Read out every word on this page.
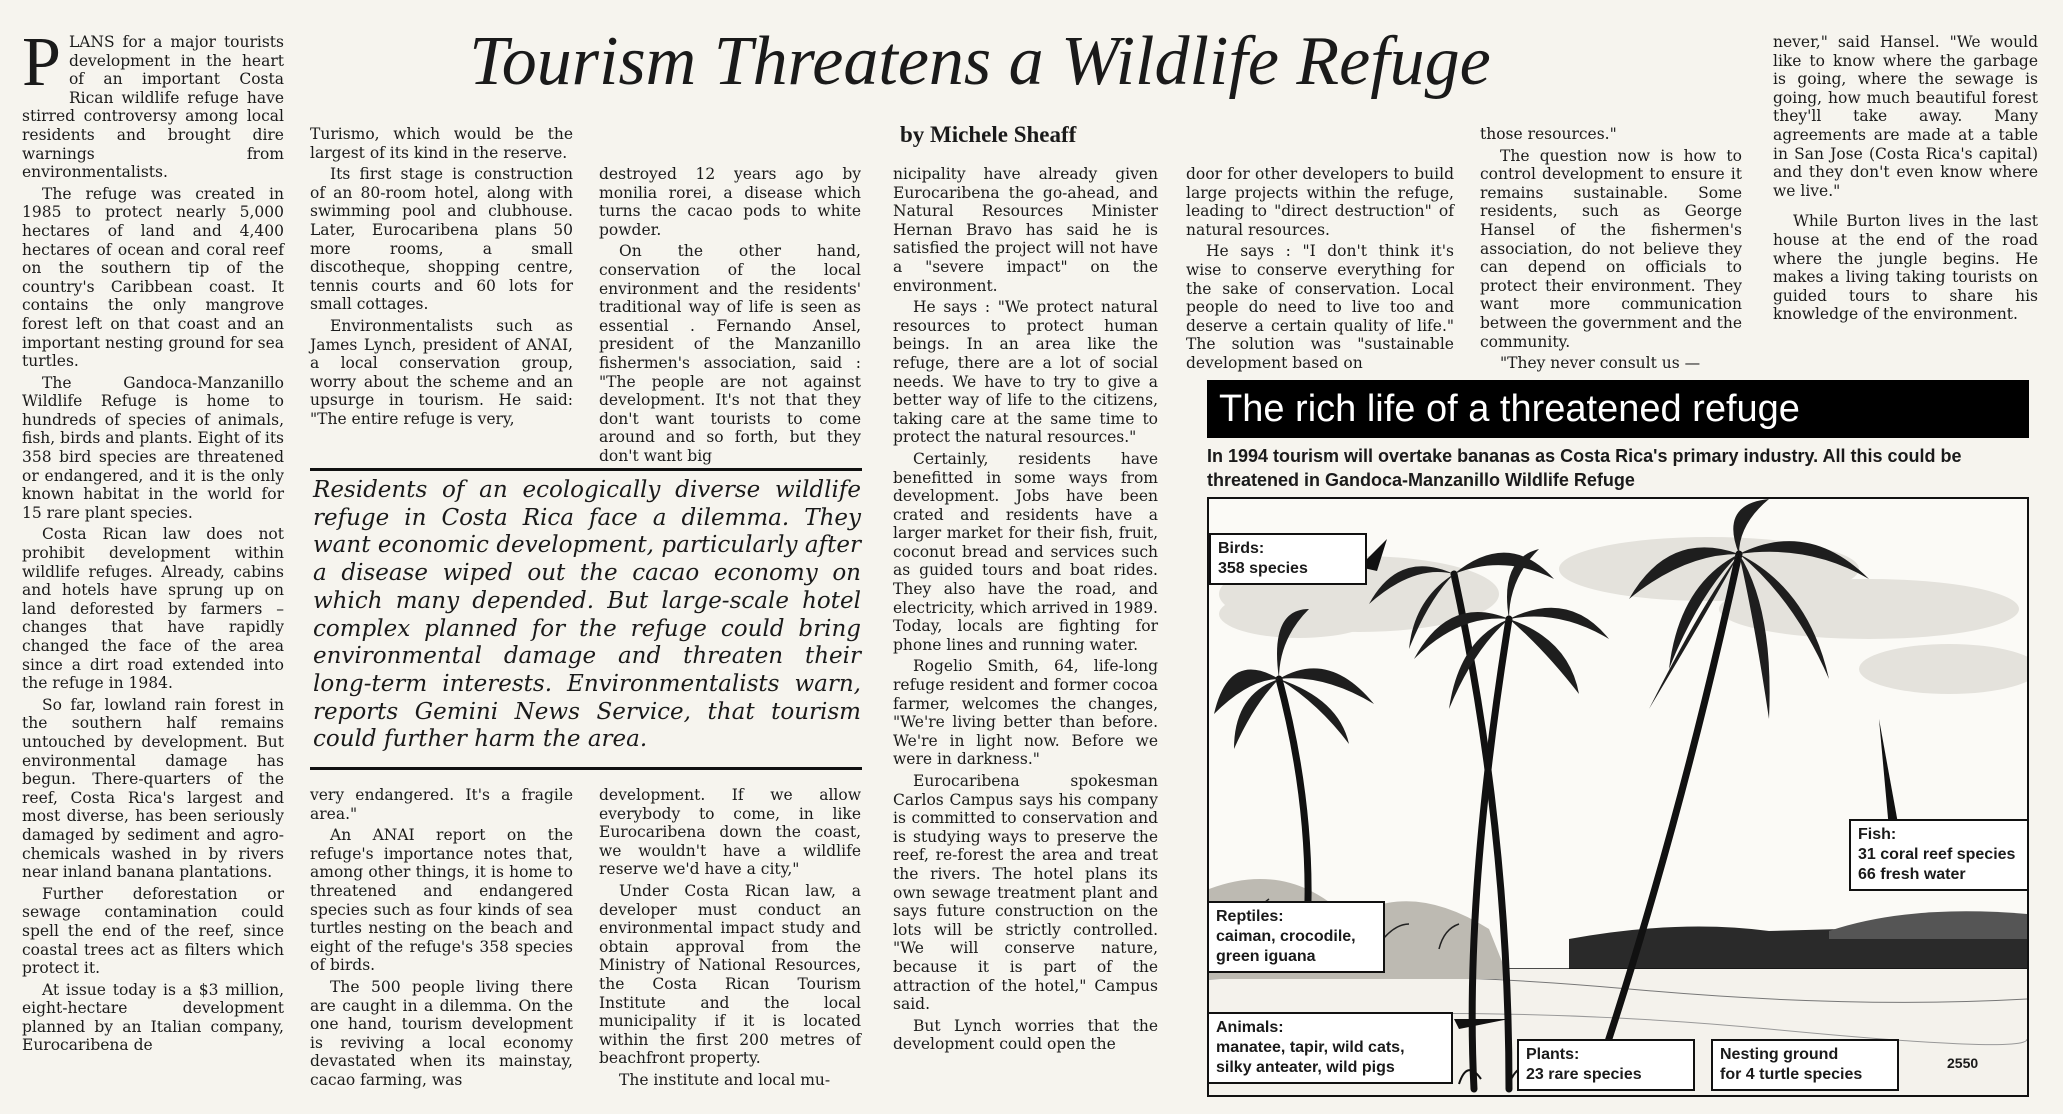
Tourism Threatens a Wildlife Refuge
by Michele Sheaff
P LANS for a major tourists development in the heart of an important Costa Rican wildlife refuge have stirred controversy among local residents and brought dire warnings from environmentalists.

The refuge was created in 1985 to protect nearly 5,000 hectares of land and 4,400 hectares of ocean and coral reef on the southern tip of the country's Caribbean coast. It contains the only mangrove forest left on that coast and an important nesting ground for sea turtles.

The Gandoca-Manzanillo Wildlife Refuge is home to hundreds of species of animals, fish, birds and plants. Eight of its 358 bird species are threatened or endangered, and it is the only known habitat in the world for 15 rare plant species.

Costa Rican law does not prohibit development within wildlife refuges. Already, cabins and hotels have sprung up on land deforested by farmers – changes that have rapidly changed the face of the area since a dirt road extended into the refuge in 1984.

So far, lowland rain forest in the southern half remains untouched by development. But environmental damage has begun. There-quarters of the reef, Costa Rica's largest and most diverse, has been seriously damaged by sediment and agro-chemicals washed in by rivers near inland banana plantations.

Further deforestation or sewage contamination could spell the end of the reef, since coastal trees act as filters which protect it.

At issue today is a $3 million, eight-hectare development planned by an Italian company, Eurocaribena de

Turismo, which would be the largest of its kind in the reserve.

Its first stage is construction of an 80-room hotel, along with swimming pool and clubhouse. Later, Eurocaribena plans 50 more rooms, a small discotheque, shopping centre, tennis courts and 60 lots for small cottages.

Environmentalists such as James Lynch, president of ANAI, a local conservation group, worry about the scheme and an upsurge in tourism. He said: "The entire refuge is very,

destroyed 12 years ago by monilia rorei, a disease which turns the cacao pods to white powder.

On the other hand, conservation of the local environment and the residents' traditional way of life is seen as essential . Fernando Ansel, president of the Manzanillo fishermen's association, said : "The people are not against development. It's not that they don't want tourists to come around and so forth, but they don't want big

Residents of an ecologically diverse wildlife refuge in Costa Rica face a dilemma. They want economic development, particularly after a disease wiped out the cacao economy on which many depended. But large-scale hotel complex planned for the refuge could bring environmental damage and threaten their long-term interests. Environmentalists warn, reports Gemini News Service, that tourism could further harm the area.

very endangered. It's a fragile area."

An ANAI report on the refuge's importance notes that, among other things, it is home to threatened and endangered species such as four kinds of sea turtles nesting on the beach and eight of the refuge's 358 species of birds.

The 500 people living there are caught in a dilemma. On the one hand, tourism development is reviving a local economy devastated when its mainstay, cacao farming, was

development. If we allow everybody to come, in like Eurocaribena down the coast, we wouldn't have a wildlife reserve we'd have a city,"

Under Costa Rican law, a developer must conduct an environmental impact study and obtain approval from the Ministry of National Resources, the Costa Rican Tourism Institute and the local municipality if it is located within the first 200 metres of beachfront property.

The institute and local mu-

nicipality have already given Eurocaribena the go-ahead, and Natural Resources Minister Hernan Bravo has said he is satisfied the project will not have a "severe impact" on the environment.

He says : "We protect natural resources to protect human beings. In an area like the refuge, there are a lot of social needs. We have to try to give a better way of life to the citizens, taking care at the same time to protect the natural resources."

Certainly, residents have benefitted in some ways from development. Jobs have been crated and residents have a larger market for their fish, fruit, coconut bread and services such as guided tours and boat rides. They also have the road, and electricity, which arrived in 1989. Today, locals are fighting for phone lines and running water.

Rogelio Smith, 64, life-long refuge resident and former cocoa farmer, welcomes the changes, "We're living better than before. We're in light now. Before we were in darkness."

Eurocaribena spokesman Carlos Campus says his company is committed to conservation and is studying ways to preserve the reef, re-forest the area and treat the rivers. The hotel plans its own sewage treatment plant and says future construction on the lots will be strictly controlled. "We will conserve nature, because it is part of the attraction of the hotel," Campus said.

But Lynch worries that the development could open the

door for other developers to build large projects within the refuge, leading to "direct destruction" of natural resources.

He says : "I don't think it's wise to conserve everything for the sake of conservation. Local people do need to live too and deserve a certain quality of life." The solution was "sustainable development based on

those resources."

The question now is how to control development to ensure it remains sustainable. Some residents, such as George Hansel of the fishermen's association, do not believe they can depend on officials to protect their environment. They want more communication between the government and the community.

"They never consult us —

never," said Hansel. "We would like to know where the garbage is going, where the sewage is going, how much beautiful forest they'll take away. Many agreements are made at a table in San Jose (Costa Rica's capital) and they don't even know where we live."

While Burton lives in the last house at the end of the road where the jungle begins. He makes a living taking tourists on guided tours to share his knowledge of the environment.

The rich life of a threatened refuge
In 1994 tourism will overtake bananas as Costa Rica's primary industry. All this could be threatened in Gandoca-Manzanillo Wildlife Refuge
Birds:
358 species
Fish:
31 coral reef species
66 fresh water
Reptiles:
caiman, crocodile,
green iguana
Animals:
manatee, tapir, wild cats,
silky anteater, wild pigs
Plants:
23 rare species
Nesting ground
for 4 turtle species
2550
